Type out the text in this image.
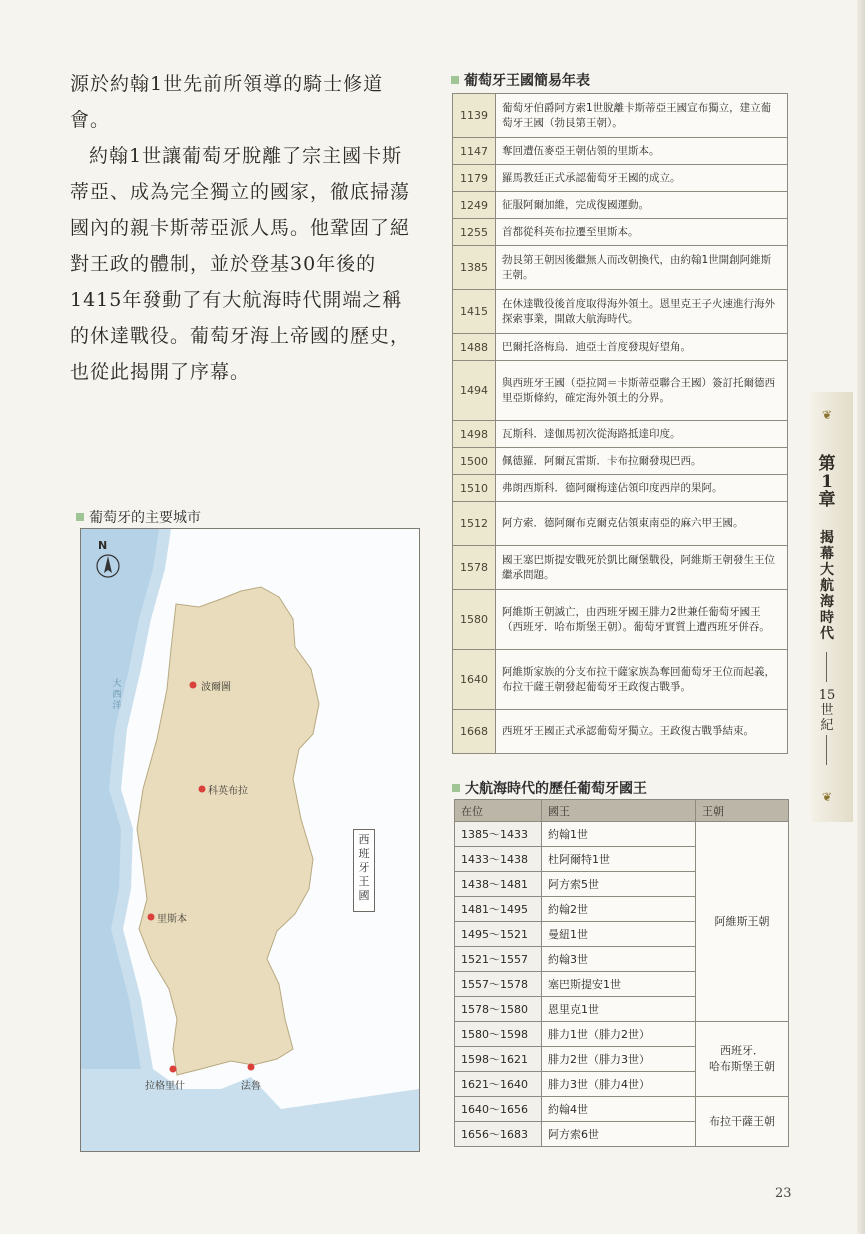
源於約翰1世先前所領導的騎士修道會。

約翰1世讓葡萄牙脫離了宗主國卡斯蒂亞、成為完全獨立的國家，徹底掃蕩國內的親卡斯蒂亞派人馬。他鞏固了絕對王政的體制，並於登基30年後的1415年發動了有大航海時代開端之稱的休達戰役。葡萄牙海上帝國的歷史，也從此揭開了序幕。

葡萄牙王國簡易年表
1139	葡萄牙伯爵阿方索1世脫離卡斯蒂亞王國宣布獨立，建立葡萄牙王國（勃艮第王朝）。
1147	奪回遭伍麥亞王朝佔領的里斯本。
1179	羅馬教廷正式承認葡萄牙王國的成立。
1249	征服阿爾加維，完成復國運動。
1255	首都從科英布拉遷至里斯本。
1385	勃艮第王朝因後繼無人而改朝換代，由約翰1世開創阿維斯王朝。
1415	在休達戰役後首度取得海外領土。恩里克王子火速進行海外探索事業，開啟大航海時代。
1488	巴爾托洛梅烏．迪亞士首度發現好望角。
1494	與西班牙王國（亞拉岡＝卡斯蒂亞聯合王國）簽訂托爾德西里亞斯條約，確定海外領土的分界。
1498	瓦斯科．達伽馬初次從海路抵達印度。
1500	佩德羅．阿爾瓦雷斯．卡布拉爾發現巴西。
1510	弗朗西斯科．德阿爾梅達佔領印度西岸的果阿。
1512	阿方索．德阿爾布克爾克佔領東南亞的麻六甲王國。
1578	國王塞巴斯提安戰死於凱比爾堡戰役，阿維斯王朝發生王位繼承問題。
1580	阿維斯王朝滅亡，由西班牙國王腓力2世兼任葡萄牙國王（西班牙．哈布斯堡王朝）。葡萄牙實質上遭西班牙併吞。
1640	阿維斯家族的分支布拉干薩家族為奪回葡萄牙王位而起義，布拉干薩王朝發起葡萄牙王政復古戰爭。
1668	西班牙王國正式承認葡萄牙獨立。王政復古戰爭結束。
大航海時代的歷任葡萄牙國王
在位	國王	王朝
1385～1433	約翰1世	阿維斯王朝
1433～1438	杜阿爾特1世	
1438～1481	阿方索5世	
1481～1495	約翰2世	
1495～1521	曼紐1世	
1521～1557	約翰3世	
1557～1578	塞巴斯提安1世	
1578～1580	恩里克1世	
1580～1598	腓力1世（腓力2世）	西班牙．
哈布斯堡王朝
1598～1621	腓力2世（腓力3世）	
1621～1640	腓力3世（腓力4世）	
1640～1656	約翰4世	布拉干薩王朝
1656～1683	阿方索6世	
葡萄牙的主要城市
N
大西洋
波爾圖
科英布拉
里斯本
拉格里什	法魯
西班牙王國
❦
第1章
揭幕大航海時代
15世紀
❦
23
